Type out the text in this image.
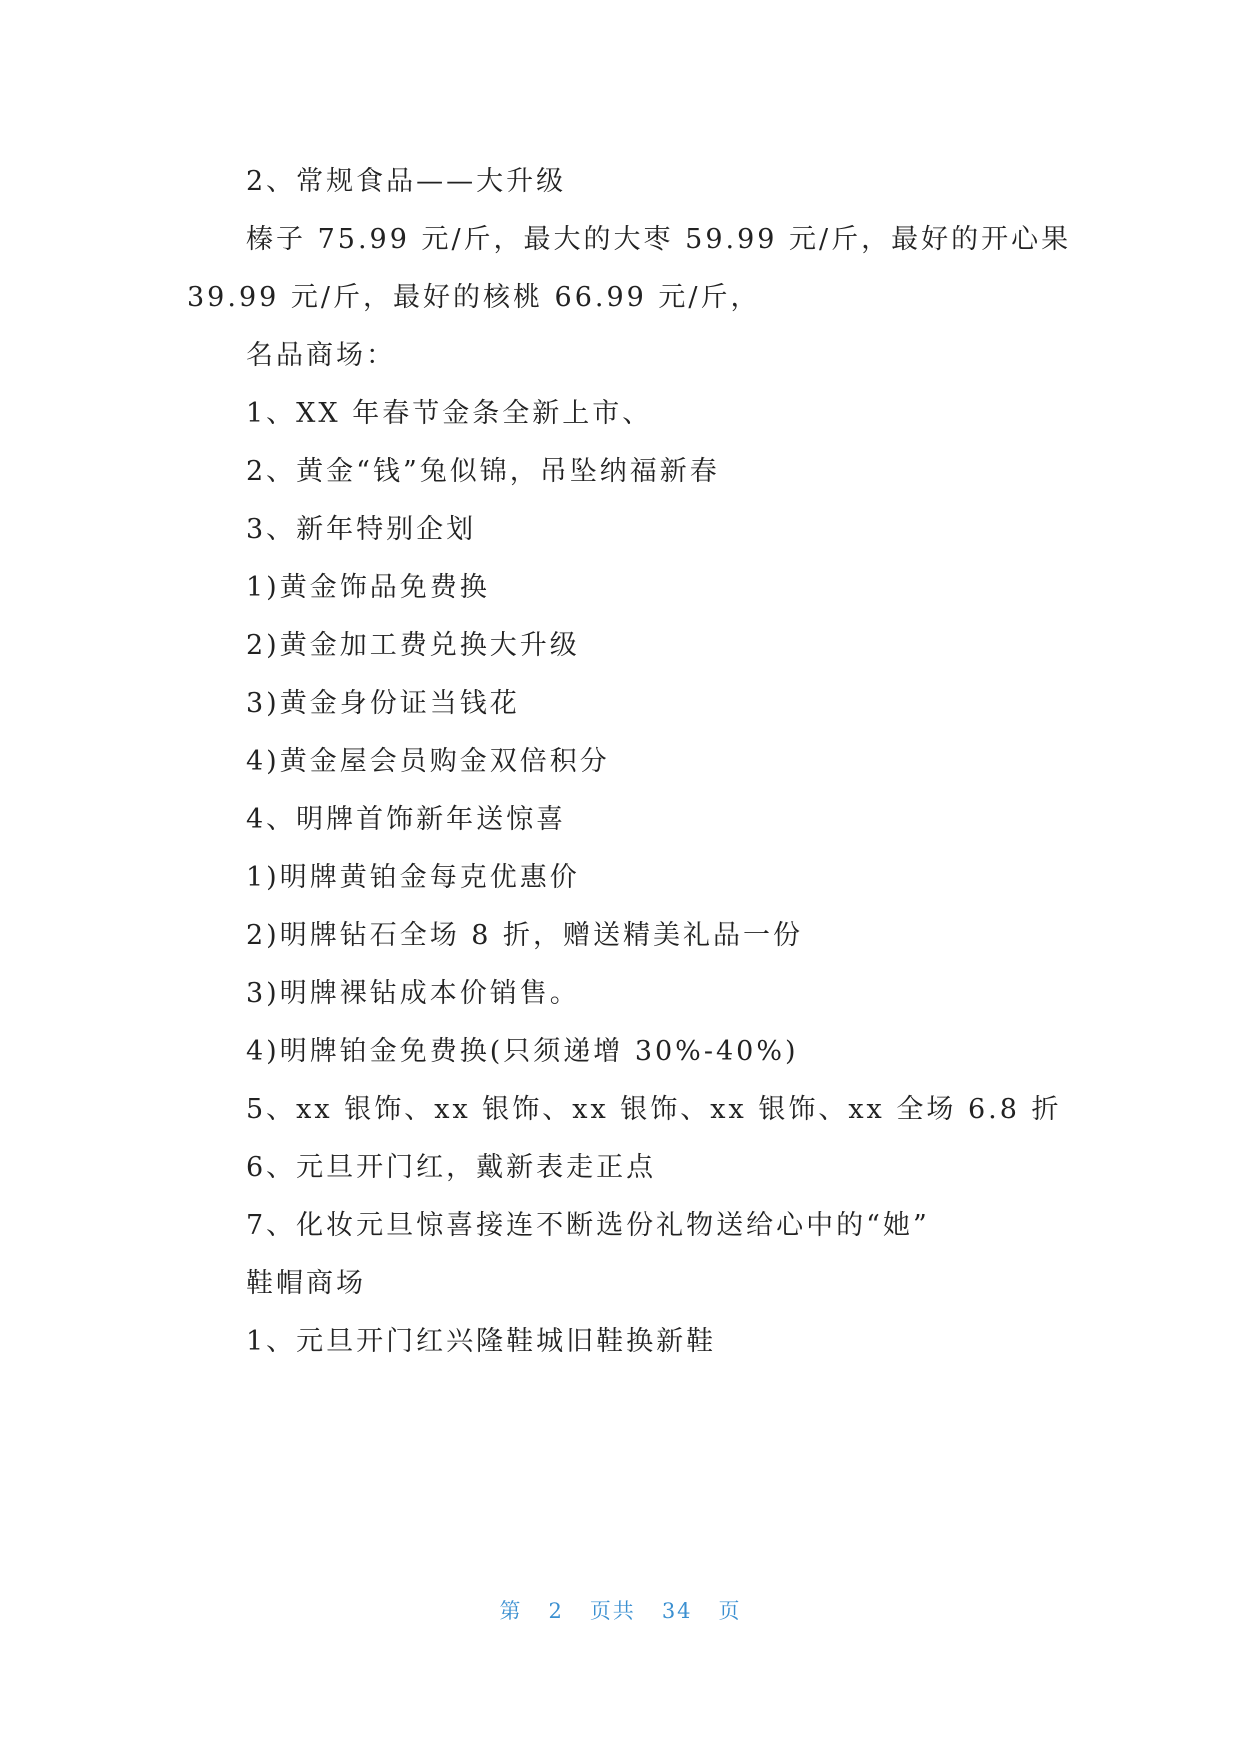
2、常规食品——大升级
榛子 75.99 元/斤，最大的大枣 59.99 元/斤，最好的开心果
39.99 元/斤，最好的核桃 66.99 元/斤，
名品商场：
1、XX 年春节金条全新上市、
2、黄金“钱”兔似锦，吊坠纳福新春
3、新年特别企划
1)黄金饰品免费换
2)黄金加工费兑换大升级
3)黄金身份证当钱花
4)黄金屋会员购金双倍积分
4、明牌首饰新年送惊喜
1)明牌黄铂金每克优惠价
2)明牌钻石全场 8 折，赠送精美礼品一份
3)明牌裸钻成本价销售。
4)明牌铂金免费换(只须递增 30%-40%)
5、xx 银饰、xx 银饰、xx 银饰、xx 银饰、xx 全场 6.8 折
6、元旦开门红，戴新表走正点
7、化妆元旦惊喜接连不断选份礼物送给心中的“她”
鞋帽商场
1、元旦开门红兴隆鞋城旧鞋换新鞋
第 2 页共 34 页
